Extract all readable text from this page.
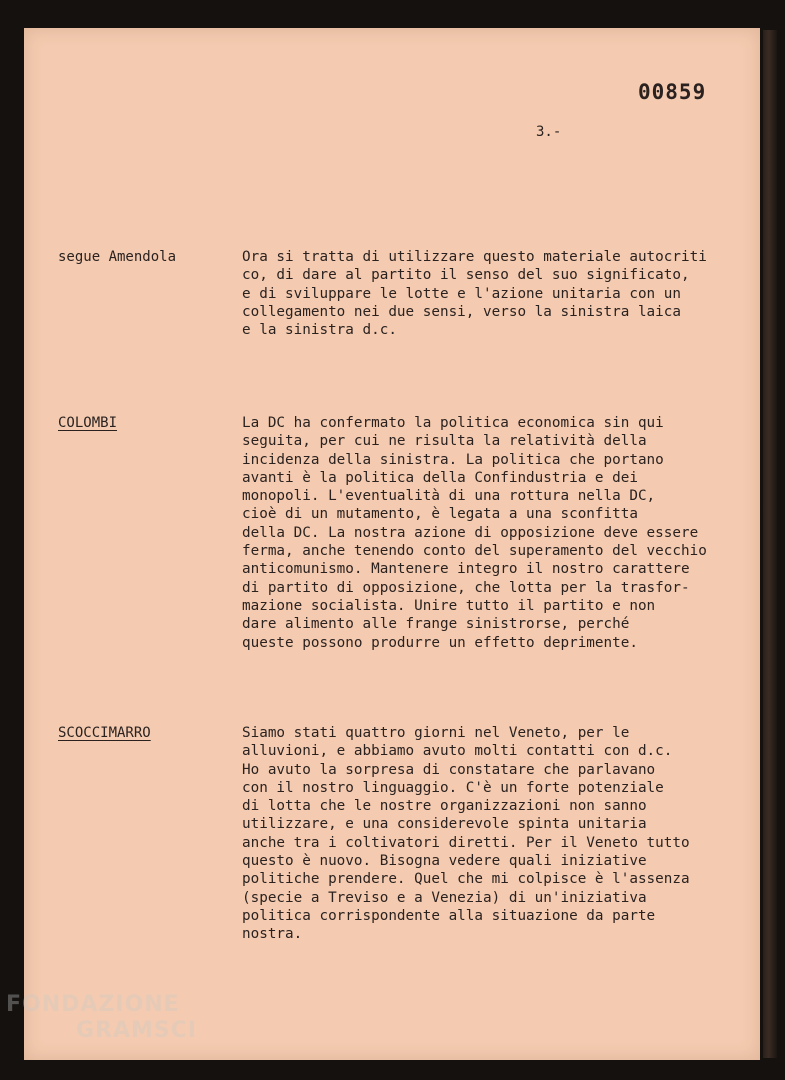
00859
3.-
segue Amendola	Ora si tratta di utilizzare questo materiale autocriti
co, di dare al partito il senso del suo significato,
e di sviluppare le lotte e l'azione unitaria con un
collegamento nei due sensi, verso la sinistra laica
e la sinistra d.c.
COLOMBI	La DC ha confermato la politica economica sin qui
seguita, per cui ne risulta la relatività della
incidenza della sinistra. La politica che portano
avanti è la politica della Confindustria e dei
monopoli. L'eventualità di una rottura nella DC,
cioè di un mutamento, è legata a una sconfitta
della DC. La nostra azione di opposizione deve essere
ferma, anche tenendo conto del superamento del vecchio
anticomunismo. Mantenere integro il nostro carattere
di partito di opposizione, che lotta per la trasfor-
mazione socialista. Unire tutto il partito e non
dare alimento alle frange sinistrorse, perché
queste possono produrre un effetto deprimente.
SCOCCIMARRO	Siamo stati quattro giorni nel Veneto, per le
alluvioni, e abbiamo avuto molti contatti con d.c.
Ho avuto la sorpresa di constatare che parlavano
con il nostro linguaggio. C'è un forte potenziale
di lotta che le nostre organizzazioni non sanno
utilizzare, e una considerevole spinta unitaria
anche tra i coltivatori diretti. Per il Veneto tutto
questo è nuovo. Bisogna vedere quali iniziative
politiche prendere. Quel che mi colpisce è l'assenza
(specie a Treviso e a Venezia) di un'iniziativa
politica corrispondente alla situazione da parte
nostra.
FONDAZIONE
GRAMSCI
